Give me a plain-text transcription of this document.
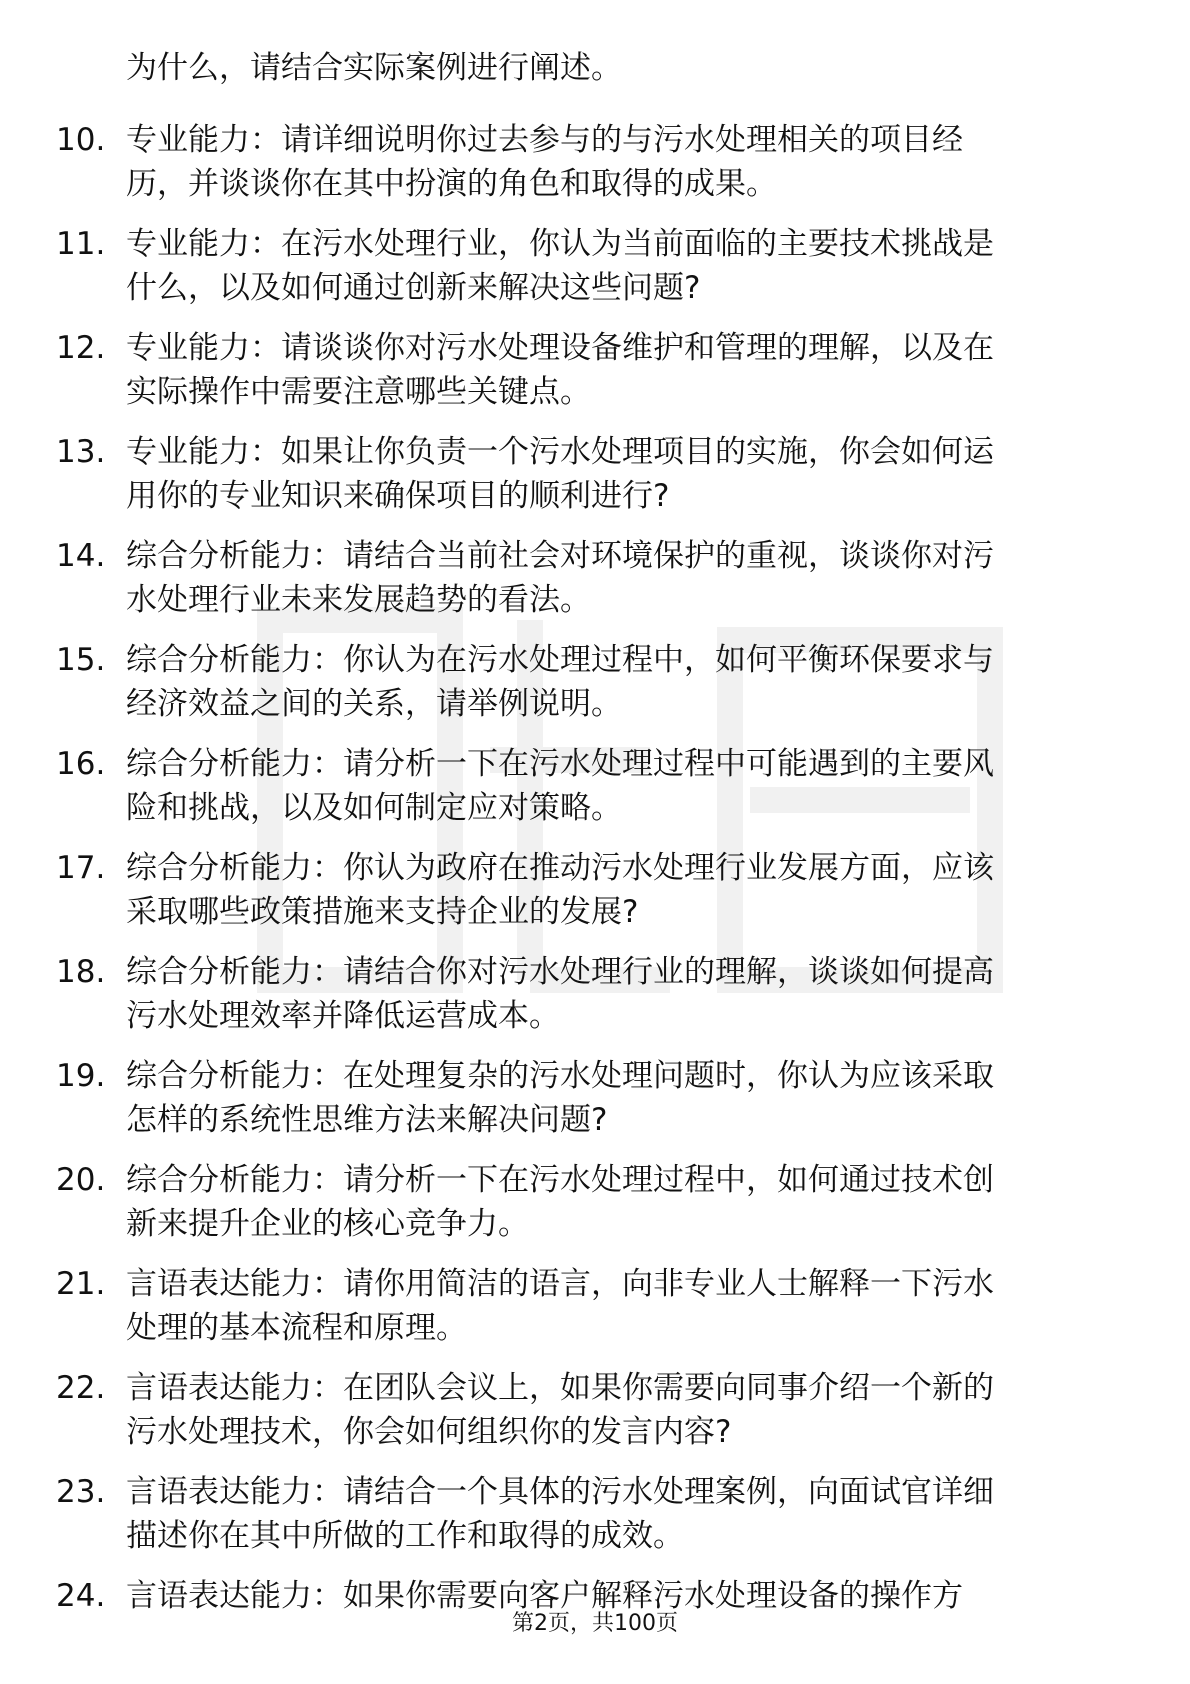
为什么，请结合实际案例进行阐述。
10. 专业能力：请详细说明你过去参与的与污水处理相关的项目经
历，并谈谈你在其中扮演的角色和取得的成果。
11. 专业能力：在污水处理行业，你认为当前面临的主要技术挑战是
什么，以及如何通过创新来解决这些问题?
12. 专业能力：请谈谈你对污水处理设备维护和管理的理解，以及在
实际操作中需要注意哪些关键点。
13. 专业能力：如果让你负责一个污水处理项目的实施，你会如何运
用你的专业知识来确保项目的顺利进行?
14. 综合分析能力：请结合当前社会对环境保护的重视，谈谈你对污
水处理行业未来发展趋势的看法。
15. 综合分析能力：你认为在污水处理过程中，如何平衡环保要求与
经济效益之间的关系，请举例说明。
16. 综合分析能力：请分析一下在污水处理过程中可能遇到的主要风
险和挑战，以及如何制定应对策略。
17. 综合分析能力：你认为政府在推动污水处理行业发展方面，应该
采取哪些政策措施来支持企业的发展?
18. 综合分析能力：请结合你对污水处理行业的理解，谈谈如何提高
污水处理效率并降低运营成本。
19. 综合分析能力：在处理复杂的污水处理问题时，你认为应该采取
怎样的系统性思维方法来解决问题?
20. 综合分析能力：请分析一下在污水处理过程中，如何通过技术创
新来提升企业的核心竞争力。
21. 言语表达能力：请你用简洁的语言，向非专业人士解释一下污水
处理的基本流程和原理。
22. 言语表达能力：在团队会议上，如果你需要向同事介绍一个新的
污水处理技术，你会如何组织你的发言内容?
23. 言语表达能力：请结合一个具体的污水处理案例，向面试官详细
描述你在其中所做的工作和取得的成效。
24. 言语表达能力：如果你需要向客户解释污水处理设备的操作方
第2页，共100页
